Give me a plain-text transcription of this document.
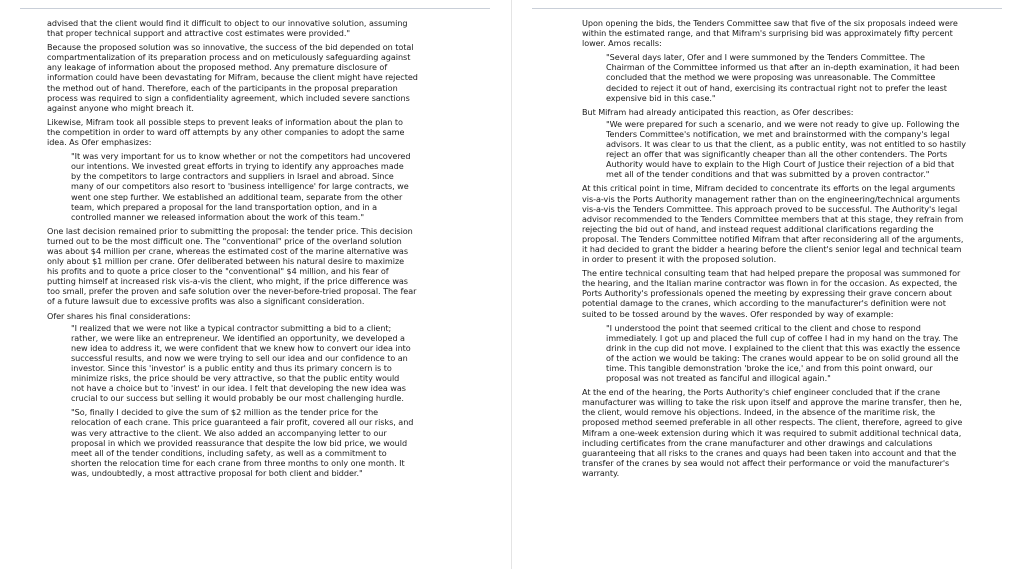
advised that the client would find it difficult to object to our innovative solution, assuming that proper technical support and attractive cost estimates were provided."

Because the proposed solution was so innovative, the success of the bid depended on total compartmentalization of its preparation process and on meticulously safeguarding against any leakage of information about the proposed method. Any premature disclosure of information could have been devastating for Mifram, because the client might have rejected the method out of hand. Therefore, each of the participants in the proposal preparation process was required to sign a confidentiality agreement, which included severe sanctions against anyone who might breach it.

Likewise, Mifram took all possible steps to prevent leaks of information about the plan to the competition in order to ward off attempts by any other companies to adopt the same idea. As Ofer emphasizes:

"It was very important for us to know whether or not the competitors had uncovered our intentions. We invested great efforts in trying to identify any approaches made by the competitors to large contractors and suppliers in Israel and abroad. Since many of our competitors also resort to 'business intelligence' for large contracts, we went one step further. We established an additional team, separate from the other team, which prepared a proposal for the land transportation option, and in a controlled manner we released information about the work of this team."

One last decision remained prior to submitting the proposal: the tender price. This decision turned out to be the most difficult one. The "conventional" price of the overland solution was about $4 million per crane, whereas the estimated cost of the marine alternative was only about $1 million per crane. Ofer deliberated between his natural desire to maximize his profits and to quote a price closer to the "conventional" $4 million, and his fear of putting himself at increased risk vis-a-vis the client, who might, if the price difference was too small, prefer the proven and safe solution over the never-before-tried proposal. The fear of a future lawsuit due to excessive profits was also a significant consideration.

Ofer shares his final considerations:

"I realized that we were not like a typical contractor submitting a bid to a client; rather, we were like an entrepreneur. We identified an opportunity, we developed a new idea to address it, we were confident that we knew how to convert our idea into successful results, and now we were trying to sell our idea and our confidence to an investor. Since this 'investor' is a public entity and thus its primary concern is to minimize risks, the price should be very attractive, so that the public entity would not have a choice but to 'invest' in our idea. I felt that developing the new idea was crucial to our success but selling it would probably be our most challenging hurdle.

"So, finally I decided to give the sum of $2 million as the tender price for the relocation of each crane. This price guaranteed a fair profit, covered all our risks, and was very attractive to the client. We also added an accompanying letter to our proposal in which we provided reassurance that despite the low bid price, we would meet all of the tender conditions, including safety, as well as a commitment to shorten the relocation time for each crane from three months to only one month. It was, undoubtedly, a most attractive proposal for both client and bidder."

Upon opening the bids, the Tenders Committee saw that five of the six proposals indeed were within the estimated range, and that Mifram's surprising bid was approximately fifty percent lower. Amos recalls:

"Several days later, Ofer and I were summoned by the Tenders Committee. The Chairman of the Committee informed us that after an in-depth examination, it had been concluded that the method we were proposing was unreasonable. The Committee decided to reject it out of hand, exercising its contractual right not to prefer the least expensive bid in this case."

But Mifram had already anticipated this reaction, as Ofer describes:

"We were prepared for such a scenario, and we were not ready to give up. Following the Tenders Committee's notification, we met and brainstormed with the company's legal advisors. It was clear to us that the client, as a public entity, was not entitled to so hastily reject an offer that was significantly cheaper than all the other contenders. The Ports Authority would have to explain to the High Court of Justice their rejection of a bid that met all of the tender conditions and that was submitted by a proven contractor."

At this critical point in time, Mifram decided to concentrate its efforts on the legal arguments vis-a-vis the Ports Authority management rather than on the engineering/technical arguments vis-a-vis the Tenders Committee. This approach proved to be successful. The Authority's legal advisor recommended to the Tenders Committee members that at this stage, they refrain from rejecting the bid out of hand, and instead request additional clarifications regarding the proposal. The Tenders Committee notified Mifram that after reconsidering all of the arguments, it had decided to grant the bidder a hearing before the client's senior legal and technical team in order to present it with the proposed solution.

The entire technical consulting team that had helped prepare the proposal was summoned for the hearing, and the Italian marine contractor was flown in for the occasion. As expected, the Ports Authority's professionals opened the meeting by expressing their grave concern about potential damage to the cranes, which according to the manufacturer's definition were not suited to be tossed around by the waves. Ofer responded by way of example:

"I understood the point that seemed critical to the client and chose to respond immediately. I got up and placed the full cup of coffee I had in my hand on the tray. The drink in the cup did not move. I explained to the client that this was exactly the essence of the action we would be taking: The cranes would appear to be on solid ground all the time. This tangible demonstration 'broke the ice,' and from this point onward, our proposal was not treated as fanciful and illogical again."

At the end of the hearing, the Ports Authority's chief engineer concluded that if the crane manufacturer was willing to take the risk upon itself and approve the marine transfer, then he, the client, would remove his objections. Indeed, in the absence of the maritime risk, the proposed method seemed preferable in all other respects. The client, therefore, agreed to give Mifram a one-week extension during which it was required to submit additional technical data, including certificates from the crane manufacturer and other drawings and calculations guaranteeing that all risks to the cranes and quays had been taken into account and that the transfer of the cranes by sea would not affect their performance or void the manufacturer's warranty.
